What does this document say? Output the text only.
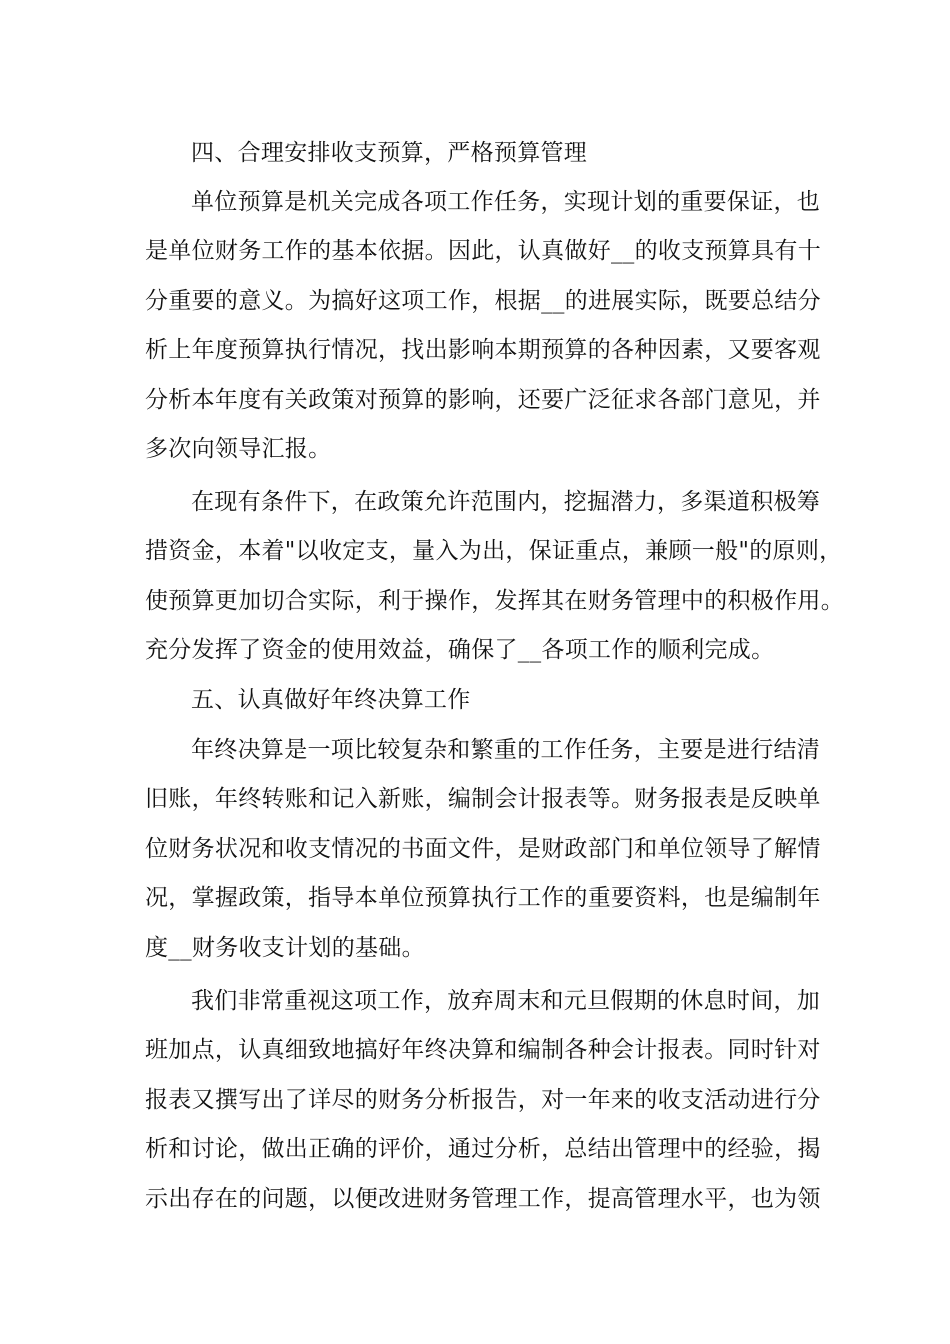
四、合理安排收支预算，严格预算管理
单位预算是机关完成各项工作任务，实现计划的重要保证，也
是单位财务工作的基本依据。因此，认真做好__的收支预算具有十
分重要的意义。为搞好这项工作，根据__的进展实际，既要总结分
析上年度预算执行情况，找出影响本期预算的各种因素，又要客观
分析本年度有关政策对预算的影响，还要广泛征求各部门意见，并
多次向领导汇报。
在现有条件下，在政策允许范围内，挖掘潜力，多渠道积极筹
措资金，本着"以收定支，量入为出，保证重点，兼顾一般"的原则，
使预算更加切合实际，利于操作，发挥其在财务管理中的积极作用。
充分发挥了资金的使用效益，确保了__各项工作的顺利完成。
五、认真做好年终决算工作
年终决算是一项比较复杂和繁重的工作任务，主要是进行结清
旧账，年终转账和记入新账，编制会计报表等。财务报表是反映单
位财务状况和收支情况的书面文件，是财政部门和单位领导了解情
况，掌握政策，指导本单位预算执行工作的重要资料，也是编制年
度__财务收支计划的基础。
我们非常重视这项工作，放弃周末和元旦假期的休息时间，加
班加点，认真细致地搞好年终决算和编制各种会计报表。同时针对
报表又撰写出了详尽的财务分析报告，对一年来的收支活动进行分
析和讨论，做出正确的评价，通过分析，总结出管理中的经验，揭
示出存在的问题，以便改进财务管理工作，提高管理水平，也为领
